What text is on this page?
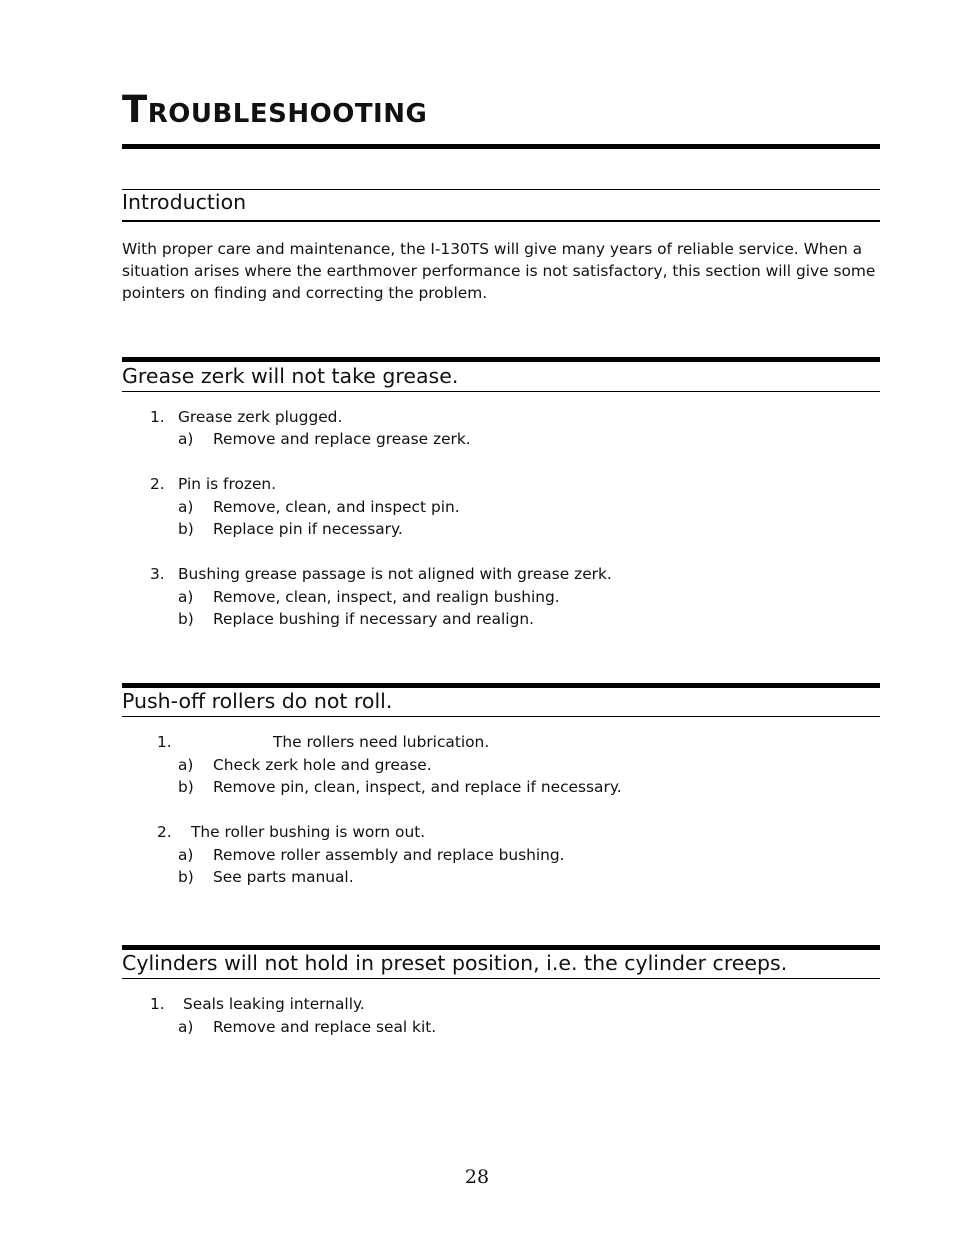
TROUBLESHOOTING
Introduction
With proper care and maintenance, the I-130TS will give many years of reliable service. When a situation arises where the earthmover performance is not satisfactory, this section will give some pointers on finding and correcting the problem.
Grease zerk will not take grease.
1. Grease zerk plugged.
a) Remove and replace grease zerk.
2. Pin is frozen.
a) Remove, clean, and inspect pin.
b) Replace pin if necessary.
3. Bushing grease passage is not aligned with grease zerk.
a) Remove, clean, inspect, and realign bushing.
b) Replace bushing if necessary and realign.
Push-off rollers do not roll.
1.	The rollers need lubrication.
a) Check zerk hole and grease.
b) Remove pin, clean, inspect, and replace if necessary.
2. The roller bushing is worn out.
a) Remove roller assembly and replace bushing.
b) See parts manual.
Cylinders will not hold in preset position, i.e. the cylinder creeps.
1. Seals leaking internally.
a) Remove and replace seal kit.
28
